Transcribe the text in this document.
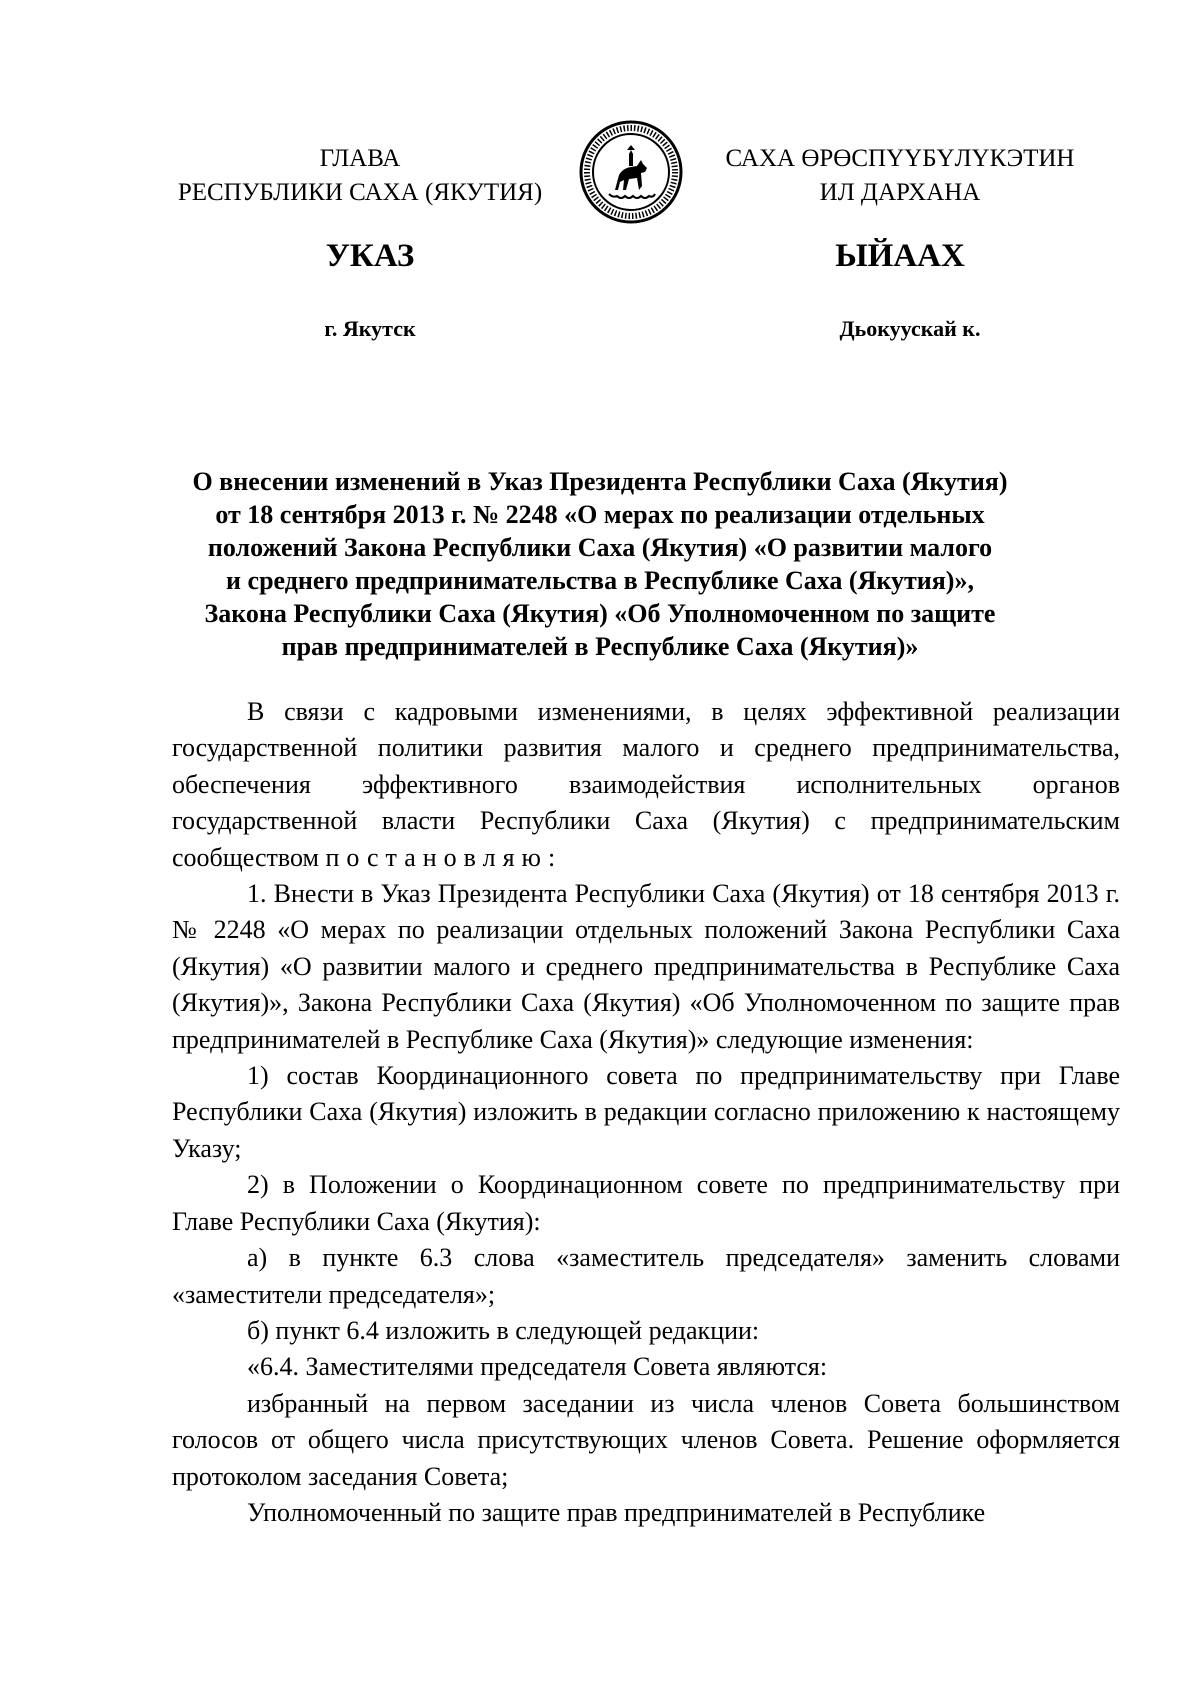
ГЛАВА
РЕСПУБЛИКИ САХА (ЯКУТИЯ)
САХА ӨРӨСПҮҮБҮЛҮКЭТИН
ИЛ ДАРХАНА
УКАЗ	ЫЙААХ
г. Якутск	Дьокуускай к.
О внесении изменений в Указ Президента Республики Саха (Якутия)
от 18 сентября 2013 г. № 2248 «О мерах по реализации отдельных
положений Закона Республики Саха (Якутия) «О развитии малого
и среднего предпринимательства в Республике Саха (Якутия)»,
Закона Республики Саха (Якутия) «Об Уполномоченном по защите
прав предпринимателей в Республике Саха (Якутия)»

В связи с кадровыми изменениями, в целях эффективной реализации государственной политики развития малого и среднего предпринимательства, обеспечения эффективного взаимодействия исполнительных органов государственной власти Республики Саха (Якутия) с предпринимательским сообществом постановляю:

1. Внести в Указ Президента Республики Саха (Якутия) от 18 сентября 2013 г. № 2248 «О мерах по реализации отдельных положений Закона Республики Саха (Якутия) «О развитии малого и среднего предпринимательства в Республике Саха (Якутия)», Закона Республики Саха (Якутия) «Об Уполномоченном по защите прав предпринимателей в Республике Саха (Якутия)» следующие изменения:

1) состав Координационного совета по предпринимательству при Главе Республики Саха (Якутия) изложить в редакции согласно приложению к настоящему Указу;

2) в Положении о Координационном совете по предпринимательству при Главе Республики Саха (Якутия):

а) в пункте 6.3 слова «заместитель председателя» заменить словами «заместители председателя»;

б) пункт 6.4 изложить в следующей редакции:

«6.4. Заместителями председателя Совета являются:

избранный на первом заседании из числа членов Совета большинством голосов от общего числа присутствующих членов Совета. Решение оформляется протоколом заседания Совета;

Уполномоченный по защите прав предпринимателей в Республике
